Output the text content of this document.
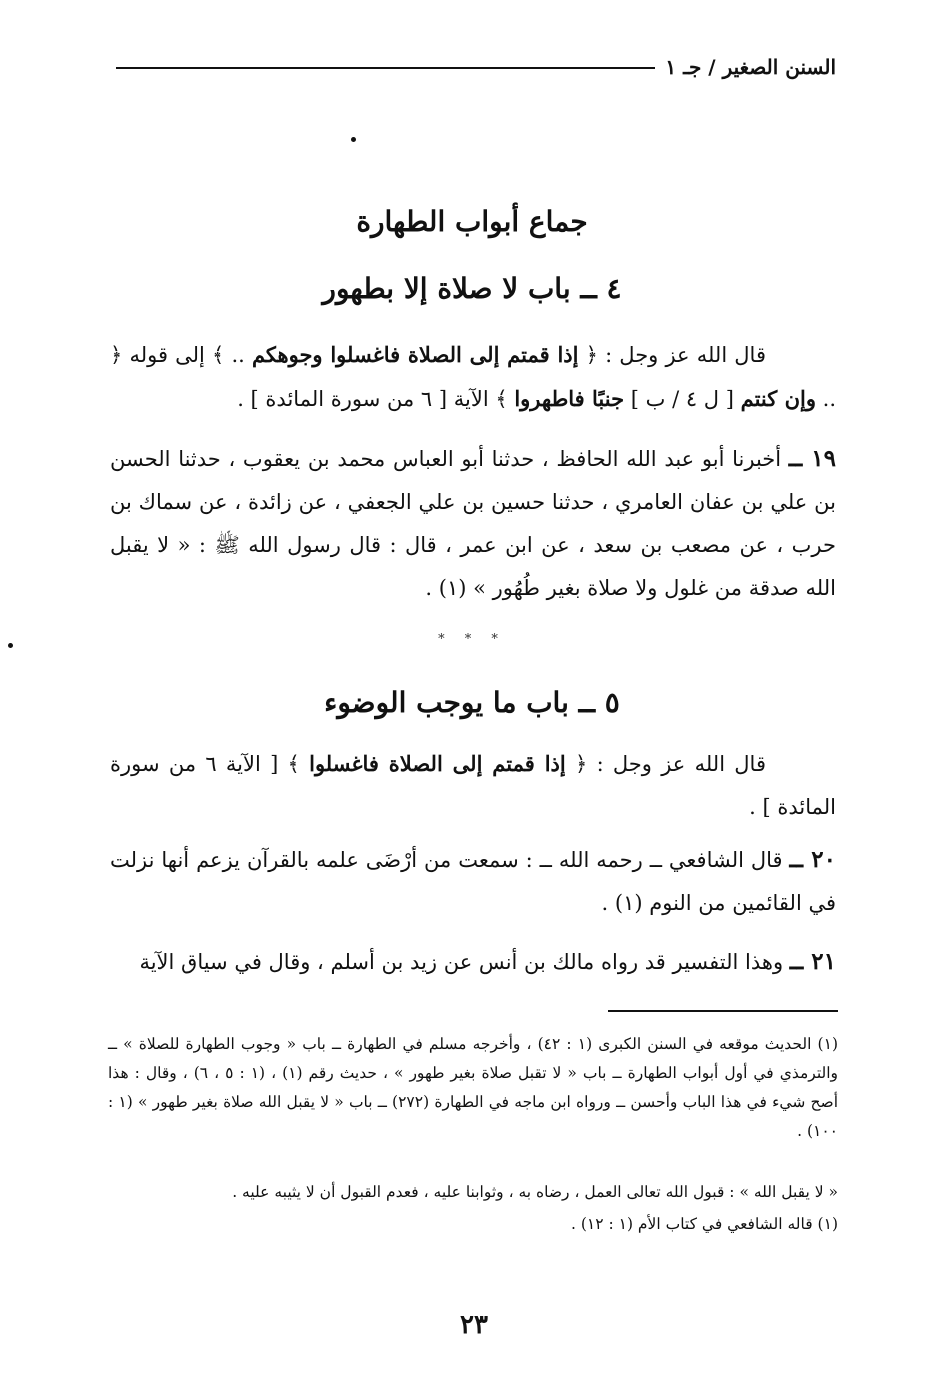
السنن الصغير / جـ ١
جماع أبواب الطهارة
٤ ــ باب لا صلاة إلا بطهور
قال الله عز وجل : ﴿ إذا قمتم إلى الصلاة فاغسلوا وجوهكم .. ﴾ إلى قوله ﴿ .. وإن كنتم [ ل ٤ / ب ] جنبًا فاطهروا ﴾ الآية [ ٦ من سورة المائدة ] .
١٩ ــ أخبرنا أبو عبد الله الحافظ ، حدثنا أبو العباس محمد بن يعقوب ، حدثنا الحسن بن علي بن عفان العامري ، حدثنا حسين بن علي الجعفي ، عن زائدة ، عن سماك بن حرب ، عن مصعب بن سعد ، عن ابن عمر ، قال : قال رسول الله ﷺ : « لا يقبل الله صدقة من غلول ولا صلاة بغير طُهُور » (١) .
* * *
٥ ــ باب ما يوجب الوضوء
قال الله عز وجل : ﴿ إذا قمتم إلى الصلاة فاغسلوا ﴾ [ الآية ٦ من سورة المائدة ] .
٢٠ ــ قال الشافعي ــ رحمه الله ــ : سمعت من أرْضَى علمه بالقرآن يزعم أنها نزلت في القائمين من النوم (١) .
٢١ ــ وهذا التفسير قد رواه مالك بن أنس عن زيد بن أسلم ، وقال في سياق الآية
(١) الحديث موقعه في السنن الكبرى (١ : ٤٢) ، وأخرجه مسلم في الطهارة ــ باب « وجوب الطهارة للصلاة » ــ والترمذي في أول أبواب الطهارة ــ باب « لا تقبل صلاة بغير طهور » ، حديث رقم (١) ، (١ : ٥ ، ٦) ، وقال : هذا أصح شيء في هذا الباب وأحسن ــ ورواه ابن ماجه في الطهارة (٢٧٢) ــ باب « لا يقبل الله صلاة بغير طهور » (١ : ١٠٠) .
« لا يقبل الله » : قبول الله تعالى العمل ، رضاه به ، وثوابنا عليه ، فعدم القبول أن لا يثيبه عليه .
(١) قاله الشافعي في كتاب الأم (١ : ١٢) .
٢٣
